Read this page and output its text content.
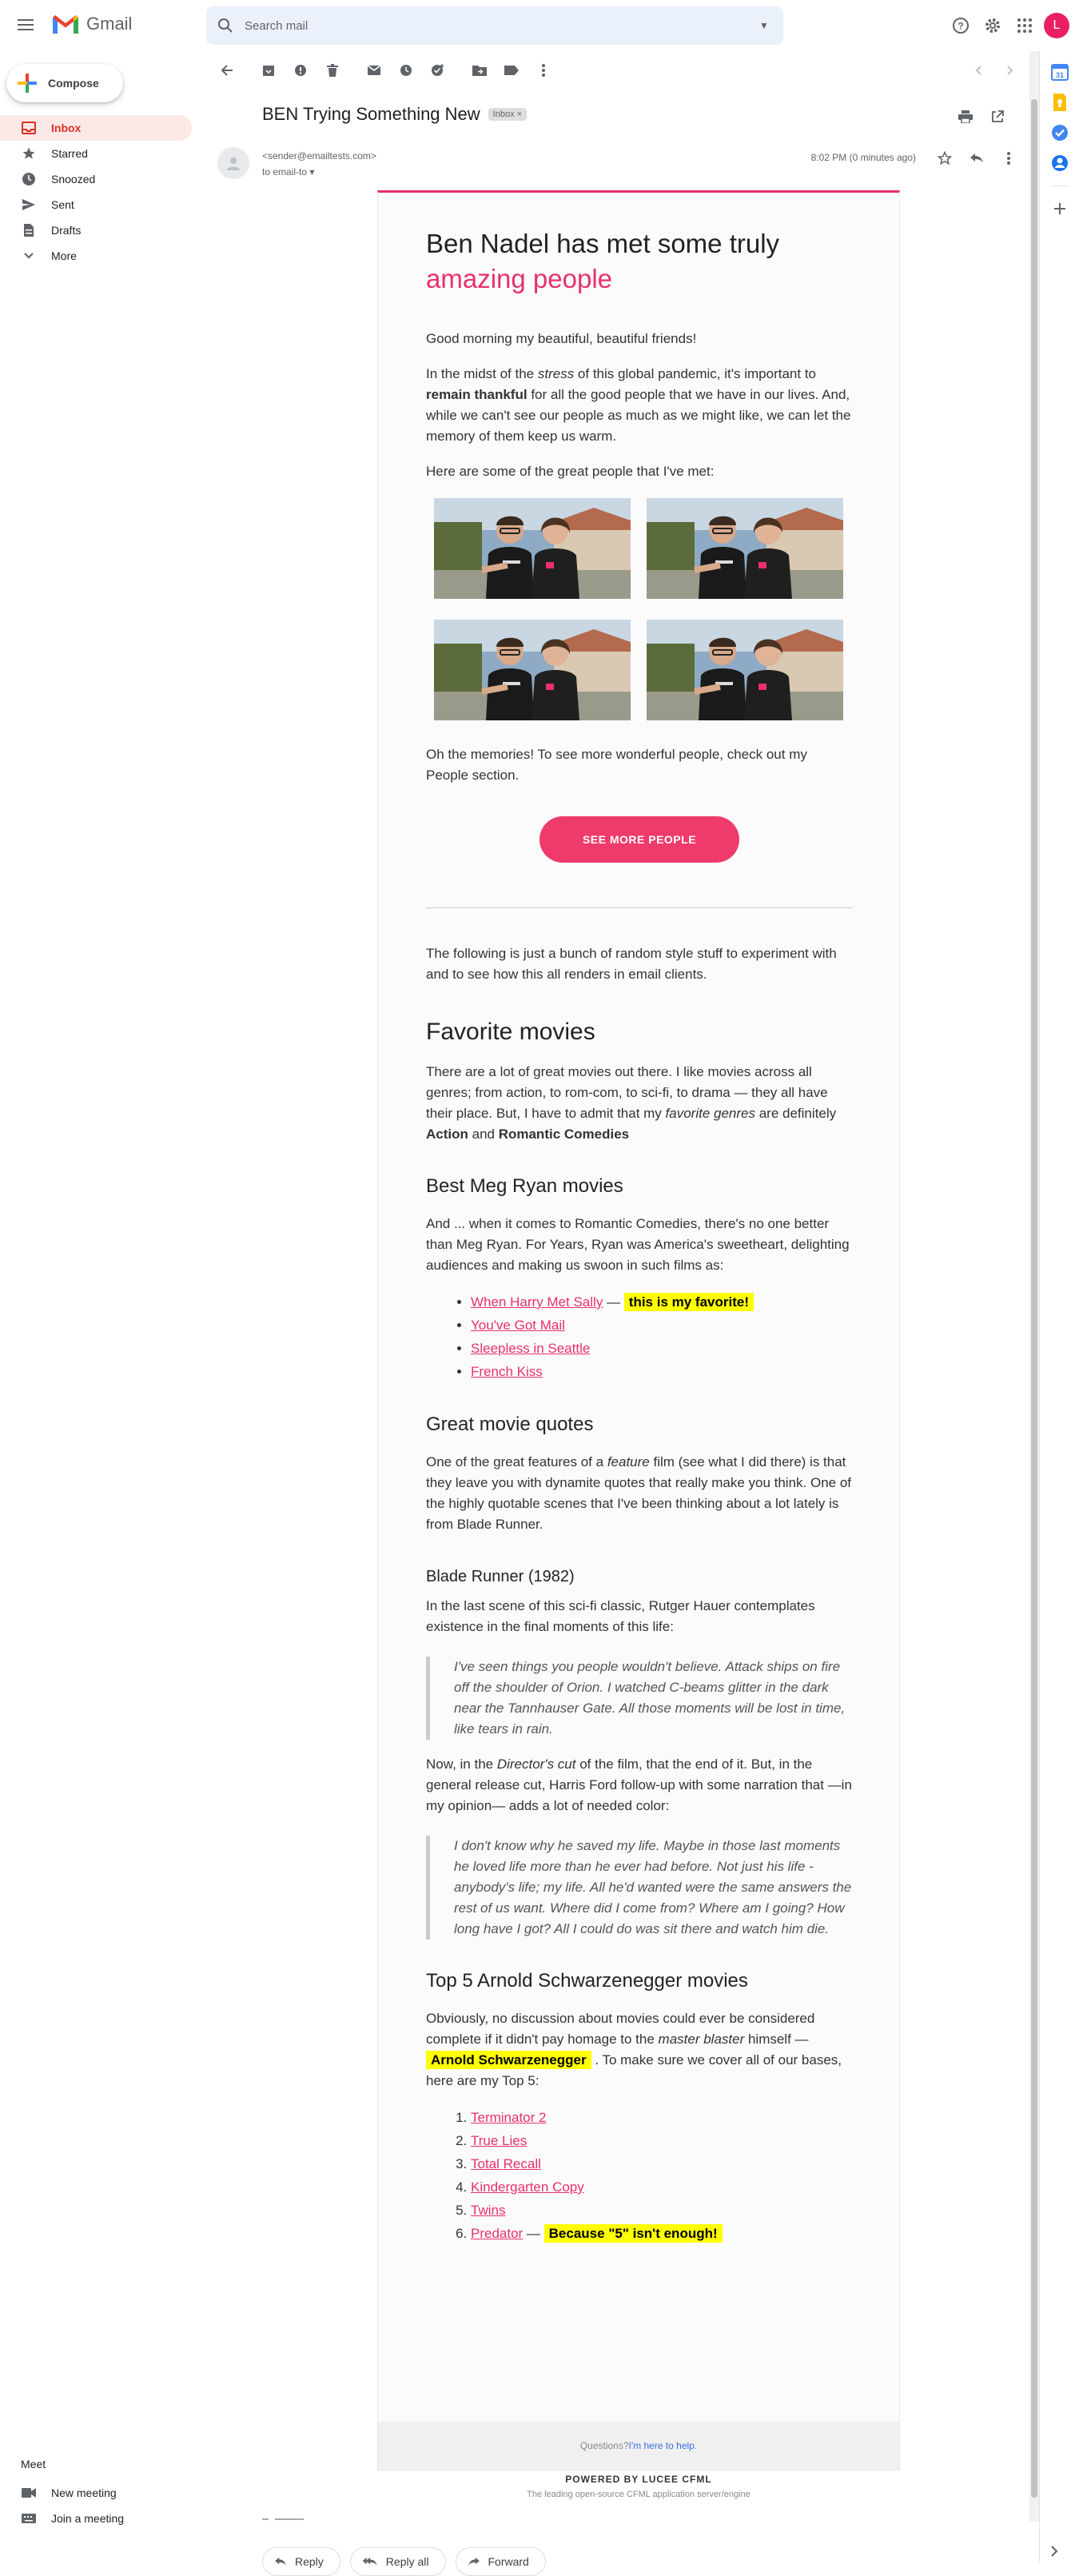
Gmail	Search mail	▼	?	L
Compose
Inbox
Starred
Snoozed
Sent
Drafts
More
Meet
New meeting
Join a meeting
BEN Trying Something New	Inbox ×
<sender@emailtests.com>
to email-to ▾
8:02 PM (0 minutes ago)
Ben Nadel has met some truly
amazing people

Good morning my beautiful, beautiful friends!

In the midst of the stress of this global pandemic, it's important to remain thankful for all the good people that we have in our lives. And, while we can't see our people as much as we might like, we can let the memory of them keep us warm.

Here are some of the great people that I've met:

Oh the memories! To see more wonderful people, check out my People section.

SEE MORE PEOPLE

The following is just a bunch of random style stuff to experiment with and to see how this all renders in email clients.

Favorite movies

There are a lot of great movies out there. I like movies across all genres; from action, to rom-com, to sci-fi, to drama — they all have their place. But, I have to admit that my favorite genres are definitely Action and Romantic Comedies

Best Meg Ryan movies

And ... when it comes to Romantic Comedies, there's no one better than Meg Ryan. For Years, Ryan was America's sweetheart, delighting audiences and making us swoon in such films as:

• When Harry Met Sally — this is my favorite!
• You've Got Mail
• Sleepless in Seattle
• French Kiss
Great movie quotes

One of the great features of a feature film (see what I did there) is that they leave you with dynamite quotes that really make you think. One of the highly quotable scenes that I've been thinking about a lot lately is from Blade Runner.

Blade Runner (1982)

In the last scene of this sci-fi classic, Rutger Hauer contemplates existence in the final moments of this life:

I've seen things you people wouldn't believe. Attack ships on fire off the shoulder of Orion. I watched C-beams glitter in the dark near the Tannhauser Gate. All those moments will be lost in time, like tears in rain.

Now, in the Director's cut of the film, that the end of it. But, in the general release cut, Harris Ford follow-up with some narration that —in my opinion— adds a lot of needed color:

I don't know why he saved my life. Maybe in those last moments he loved life more than he ever had before. Not just his life - anybody's life; my life. All he'd wanted were the same answers the rest of us want. Where did I come from? Where am I going? How long have I got? All I could do was sit there and watch him die.
Top 5 Arnold Schwarzenegger movies

Obviously, no discussion about movies could ever be considered complete if it didn't pay homage to the master blaster himself — Arnold Schwarzenegger . To make sure we cover all of our bases, here are my Top 5:

1. Terminator 2
2. True Lies
3. Total Recall
4. Kindergarten Copy
5. Twins
6. Predator — Because "5" isn't enough!
Questions? I'm here to help.
POWERED BY LUCEE CFML
The leading open-source CFML application server/engine
Reply	Reply all	Forward
31
